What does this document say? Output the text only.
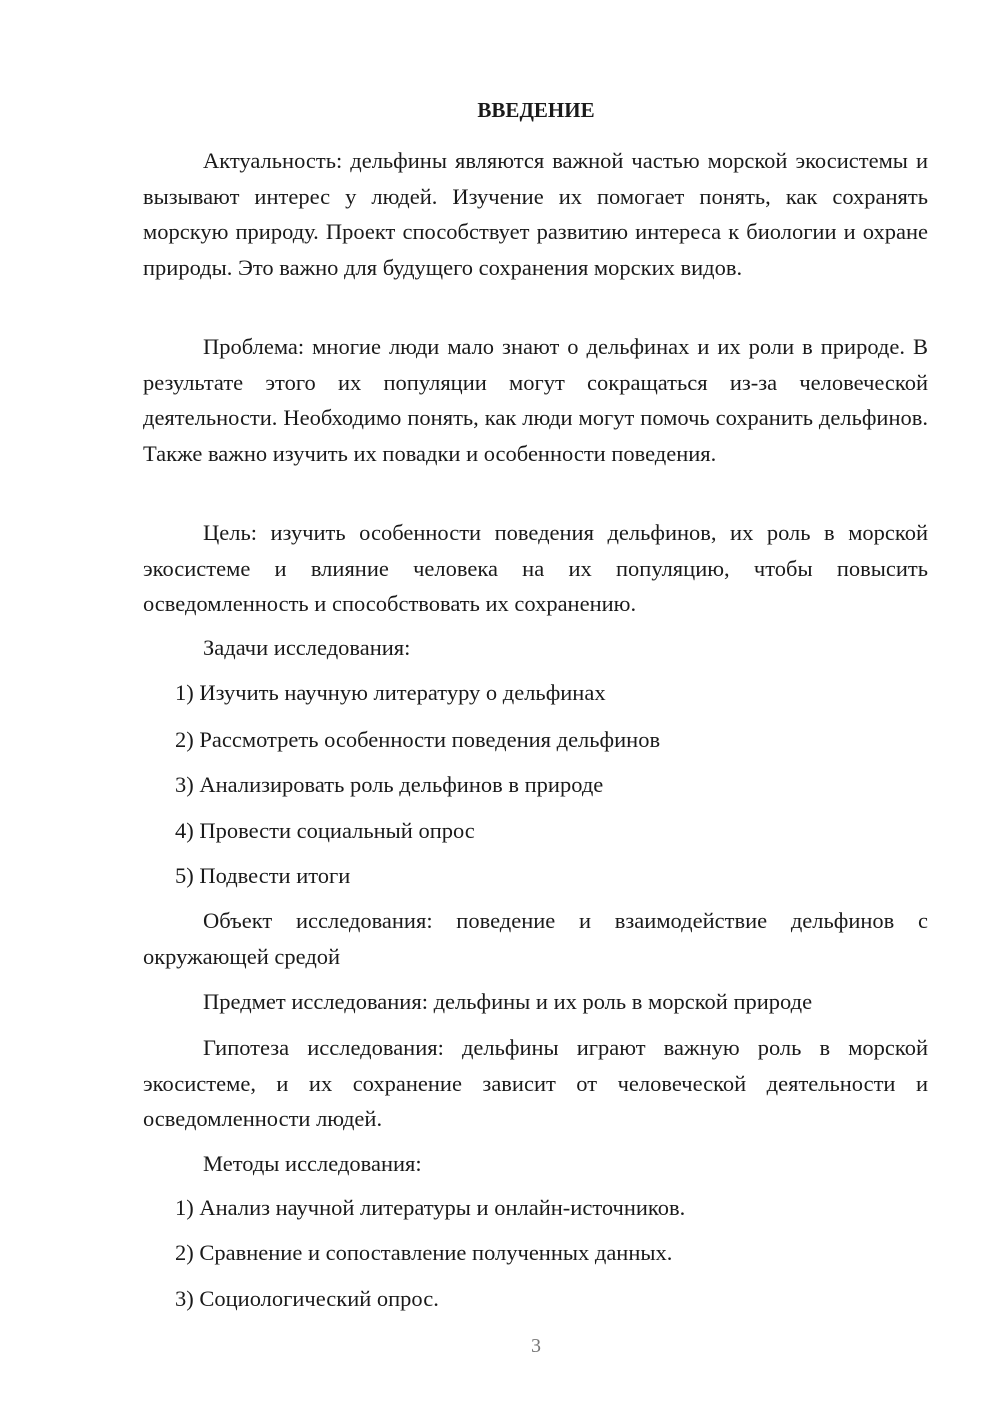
ВВЕДЕНИЕ

Актуальность: дельфины являются важной частью морской экосистемы и вызывают интерес у людей. Изучение их помогает понять, как сохранять морскую природу. Проект способствует развитию интереса к биологии и охране природы. Это важно для будущего сохранения морских видов.

Проблема: многие люди мало знают о дельфинах и их роли в природе. В результате этого их популяции могут сокращаться из-за человеческой деятельности. Необходимо понять, как люди могут помочь сохранить дельфинов. Также важно изучить их повадки и особенности поведения.

Цель: изучить особенности поведения дельфинов, их роль в морской экосистеме и влияние человека на их популяцию, чтобы повысить осведомленность и способствовать их сохранению.

Задачи исследования:

1) Изучить научную литературу о дельфинах

2) Рассмотреть особенности поведения дельфинов

3) Анализировать роль дельфинов в природе

4) Провести социальный опрос

5) Подвести итоги

Объект исследования: поведение и взаимодействие дельфинов с окружающей средой

Предмет исследования: дельфины и их роль в морской природе

Гипотеза исследования: дельфины играют важную роль в морской экосистеме, и их сохранение зависит от человеческой деятельности и осведомленности людей.

Методы исследования:

1) Анализ научной литературы и онлайн-источников.

2) Сравнение и сопоставление полученных данных.

3) Социологический опрос.

3
